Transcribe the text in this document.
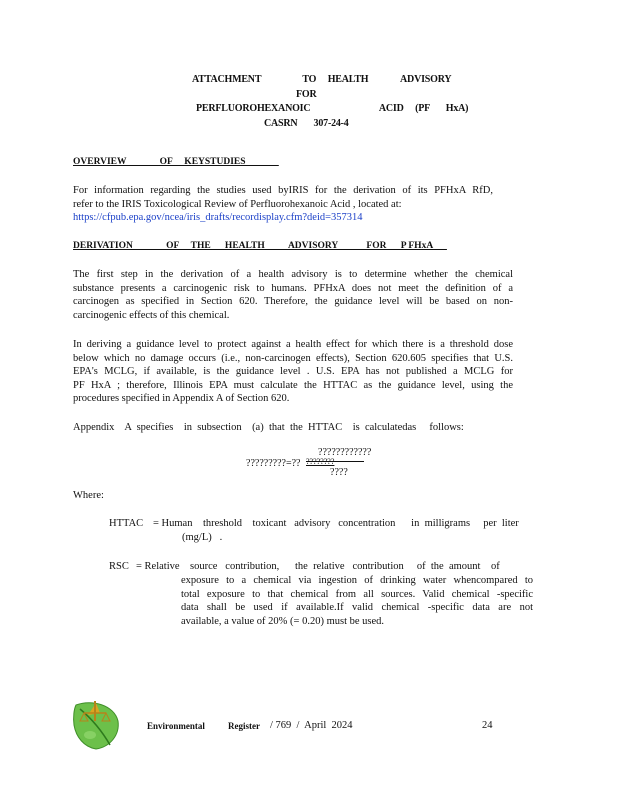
ATTACHMENT                  TO     HEALTH              ADVISORY
FOR
PERFLUOROHEXANOIC                              ACID     (PF       HxA)
CASRN       307-24-4
OVERVIEW              OF     KEYSTUDIES
For information regarding the studies used byIRIS for the derivation of its PFHxA RfD,
refer to the IRIS Toxicological Review of Perfluorohexanoic Acid , located at:
https://cfpub.epa.gov/ncea/iris_drafts/recordisplay.cfm?deid=357314
DERIVATION              OF     THE      HEALTH          ADVISORY            FOR      P FHxA
The first step in the derivation of a health advisory is to determine whether the chemical
substance presents a carcinogenic risk to humans. PFHxA does not meet the definition of a
carcinogen as specified in Section 620. Therefore, the guidance level will be based on non-
carcinogenic effects of this chemical.
In deriving a guidance level to protect against a health effect for which there is a threshold dose
below which no damage occurs (i.e., non-carcinogen effects), Section 620.605 specifies that U.S.
EPA's MCLG, if available, is the guidance level . U.S. EPA has not published a MCLG for
PF HxA ; therefore, Illinois EPA must calculate the HTTAC as the guidance level, using the
procedures specified in Appendix A of Section 620.
Appendix    A  specifies    in  subsection    (a)  that  the  HTTAC    is  calculatedas     follows:
????????????
?????????=??
????
Where:
HTTAC = Human    threshold    toxicant   advisory   concentration      in  milligrams     per  liter
(mg/L)   .
RSC = Relative    source   contribution,      the  relative   contribution     of  the  amount    of
exposure to a chemical via ingestion of drinking water whencompared to
total exposure to that chemical from all sources. Valid chemical -specific
data shall be used if available.If valid chemical -specific data are not
available, a value of 20% (= 0.20) must be used.
Environmental	Register / 769  /  April  2024	24
